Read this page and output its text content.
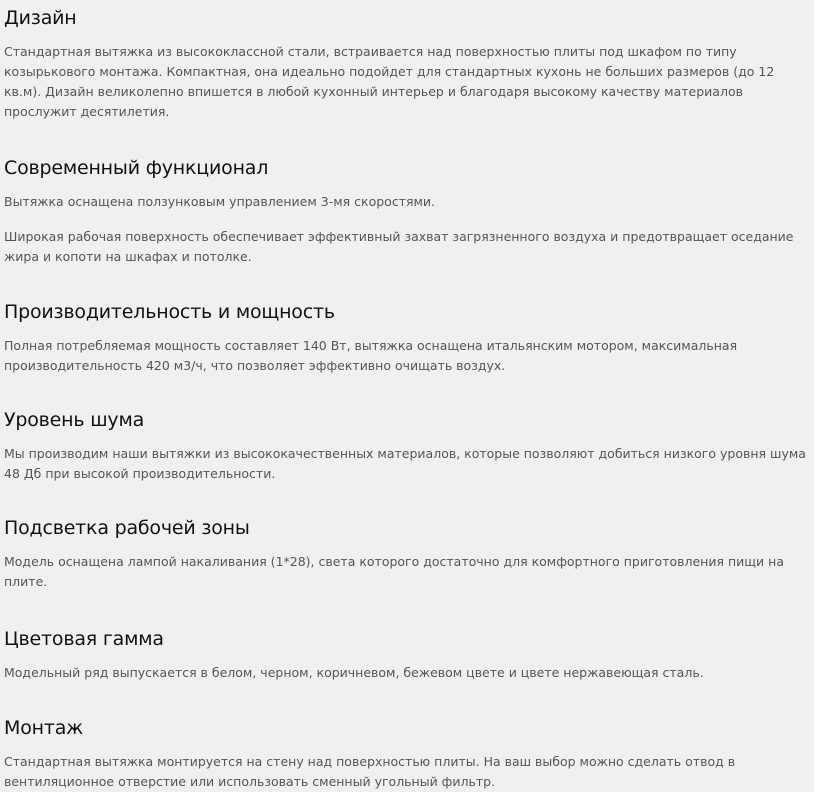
Дизайн

Стандартная вытяжка из высококлассной стали, встраивается над поверхностью плиты под шкафом по типу козырькового монтажа. Компактная, она идеально подойдет для стандартных кухонь не больших размеров (до 12 кв.м). Дизайн великолепно впишется в любой кухонный интерьер и благодаря высокому качеству материалов прослужит десятилетия.

Современный функционал

Вытяжка оснащена ползунковым управлением 3-мя скоростями.

Широкая рабочая поверхность обеспечивает эффективный захват загрязненного воздуха и предотвращает оседание жира и копоти на шкафах и потолке.

Производительность и мощность

Полная потребляемая мощность составляет 140 Вт, вытяжка оснащена итальянским мотором, максимальная производительность 420 м3/ч, что позволяет эффективно очищать воздух.

Уровень шума

Мы производим наши вытяжки из высококачественных материалов, которые позволяют добиться низкого уровня шума 48 Дб при высокой производительности.

Подсветка рабочей зоны

Модель оснащена лампой накаливания (1*28), света которого достаточно для комфортного приготовления пищи на плите.

Цветовая гамма

Модельный ряд выпускается в белом, черном, коричневом, бежевом цвете и цвете нержавеющая сталь.

Монтаж

Стандартная вытяжка монтируется на стену над поверхностью плиты. На ваш выбор можно сделать отвод в вентиляционное отверстие или использовать сменный угольный фильтр.
